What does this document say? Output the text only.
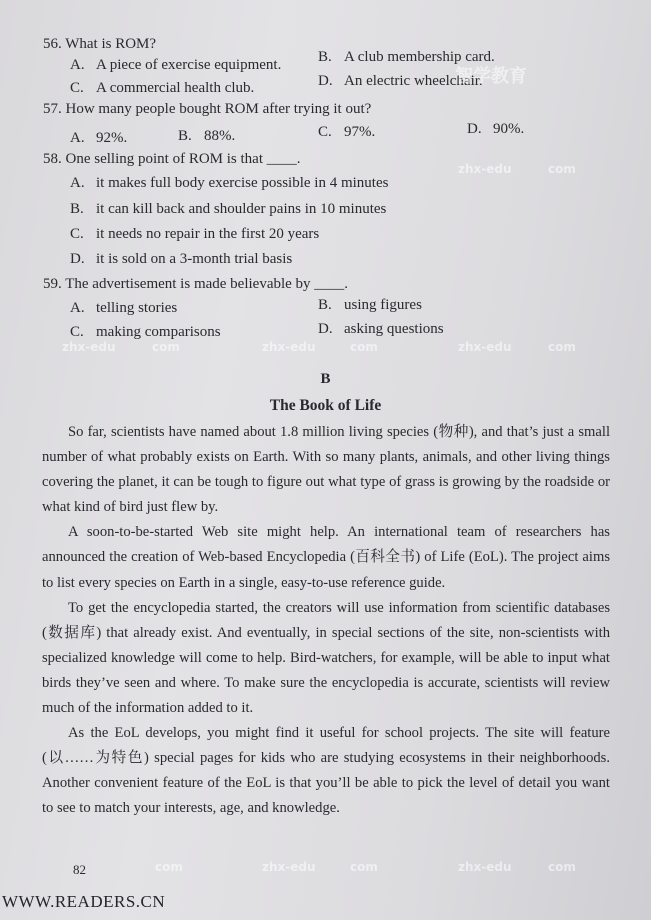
56. What is ROM?
A. A piece of exercise equipment. B. A club membership card.
C. A commercial health club.	D. An electric wheelchair.
57. How many people bought ROM after trying it out?
A. 92%.	B. 88%.	C. 97%.	D. 90%.
58. One selling point of ROM is that ____.
A. it makes full body exercise possible in 4 minutes
B. it can kill back and shoulder pains in 10 minutes
C. it needs no repair in the first 20 years
D. it is sold on a 3-month trial basis
59. The advertisement is made believable by ____.
A. telling stories	B. using figures
C. making comparisons	D. asking questions
B
The Book of Life

So far, scientists have named about 1.8 million living species (物种), and that’s just a small number of what probably exists on Earth. With so many plants, animals, and other living things covering the planet, it can be tough to figure out what type of grass is growing by the roadside or what kind of bird just flew by.

A soon-to-be-started Web site might help. An international team of researchers has announced the creation of Web-based Encyclopedia (百科全书) of Life (EoL). The project aims to list every species on Earth in a single, easy-to-use reference guide.

To get the encyclopedia started, the creators will use information from scientific databases (数据库) that already exist. And eventually, in special sections of the site, non-scientists with specialized knowledge will come to help. Bird-watchers, for example, will be able to input what birds they’ve seen and where. To make sure the encyclopedia is accurate, scientists will review much of the information added to it.

As the EoL develops, you might find it useful for school projects. The site will feature (以……为特色) special pages for kids who are studying ecosystems in their neighborhoods. Another convenient feature of the EoL is that you’ll be able to pick the level of detail you want to see to match your interests, age, and knowledge.

智学教育
zhx-edu	com	zhx-edu	com	zhx-edu	com
zhx-edu	com
zhx-edu	com	zhx-edu	com
com
82
WWW.READERS.CN
